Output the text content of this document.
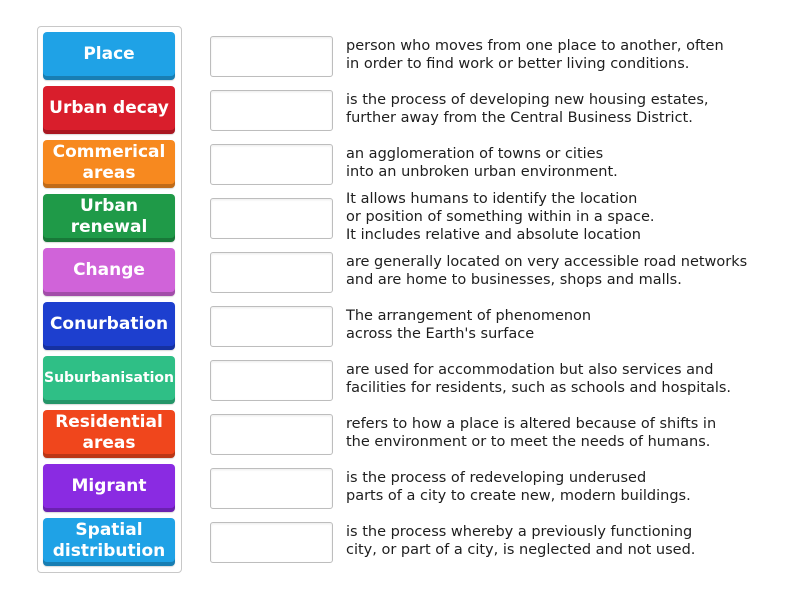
Place
Urban decay
Commerical areas
Urban renewal
Change
Conurbation
Suburbanisation
Residential areas
Migrant
Spatial distribution
person who moves from one place to another, often
in order to find work or better living conditions.
is the process of developing new housing estates,
further away from the Central Business District.
an agglomeration of towns or cities
into an unbroken urban environment.
It allows humans to identify the location
or position of something within in a space.
It includes relative and absolute location
are generally located on very accessible road networks
and are home to businesses, shops and malls.
The arrangement of phenomenon
across the Earth's surface
are used for accommodation but also services and
facilities for residents, such as schools and hospitals.
refers to how a place is altered because of shifts in
the environment or to meet the needs of humans.
is the process of redeveloping underused
parts of a city to create new, modern buildings.
is the process whereby a previously functioning
city, or part of a city, is neglected and not used.
